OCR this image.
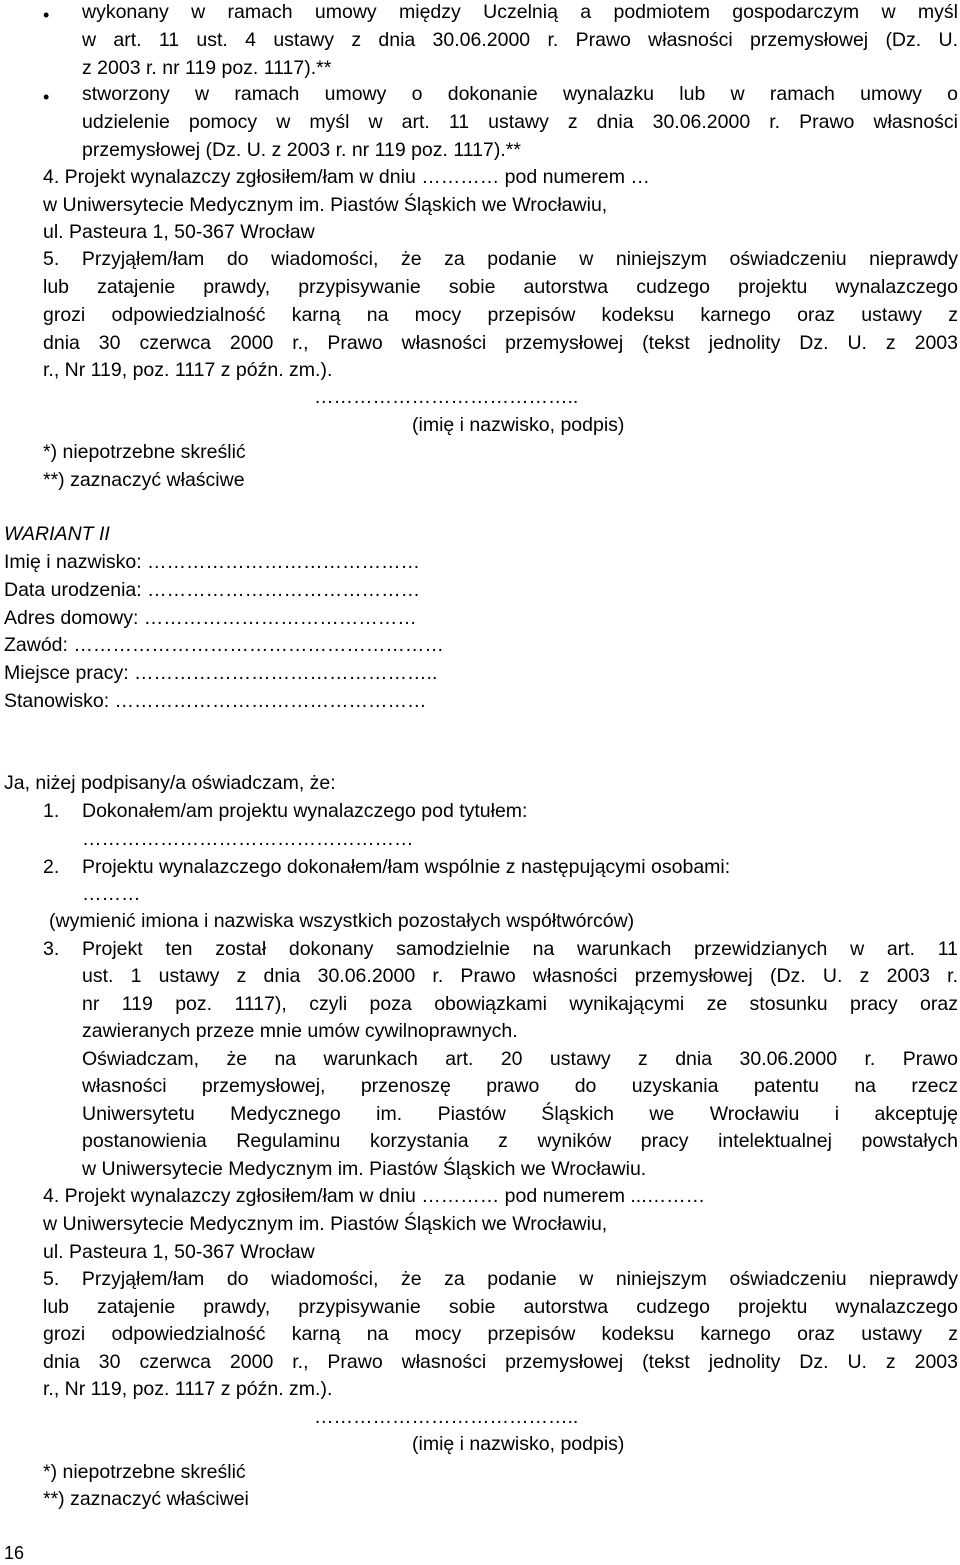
• wykonany w ramach umowy między Uczelnią a podmiotem gospodarczym w myśl
w art. 11 ust. 4 ustawy z dnia 30.06.2000 r. Prawo własności przemysłowej (Dz. U.
z 2003 r. nr 119 poz. 1117).**
• stworzony w ramach umowy o dokonanie wynalazku lub w ramach umowy o
udzielenie pomocy w myśl w art. 11 ustawy z dnia 30.06.2000 r. Prawo własności
przemysłowej (Dz. U. z 2003 r. nr 119 poz. 1117).**
4. Projekt wynalazczy zgłosiłem/łam w dniu ………… pod numerem …
w Uniwersytecie Medycznym im. Piastów Śląskich we Wrocławiu,
ul. Pasteura 1, 50-367 Wrocław
5. Przyjąłem/łam do wiadomości, że za podanie w niniejszym oświadczeniu nieprawdy
lub zatajenie prawdy, przypisywanie sobie autorstwa cudzego projektu wynalazczego
grozi odpowiedzialność karną na mocy przepisów kodeksu karnego oraz ustawy z
dnia 30 czerwca 2000 r., Prawo własności przemysłowej (tekst jednolity Dz. U. z 2003
r., Nr 119, poz. 1117 z późn. zm.).
…………………………………..
(imię i nazwisko, podpis)
*) niepotrzebne skreślić
**) zaznaczyć właściwe
WARIANT II
Imię i nazwisko: ……………………………………
Data urodzenia: ……………………………………
Adres domowy: ……………………………………
Zawód: …………………………………………………
Miejsce pracy: ………………………………………..
Stanowisko: …………………………………………
Ja, niżej podpisany/a oświadczam, że:
1. Dokonałem/am projektu wynalazczego pod tytułem:
……………………………………………
2. Projektu wynalazczego dokonałem/łam wspólnie z następującymi osobami:
………
(wymienić imiona i nazwiska wszystkich pozostałych współtwórców)
3. Projekt ten został dokonany samodzielnie na warunkach przewidzianych w art. 11
ust. 1 ustawy z dnia 30.06.2000 r. Prawo własności przemysłowej (Dz. U. z 2003 r.
nr 119 poz. 1117), czyli poza obowiązkami wynikającymi ze stosunku pracy oraz
zawieranych przeze mnie umów cywilnoprawnych.
Oświadczam, że na warunkach art. 20 ustawy z dnia 30.06.2000 r. Prawo
własności przemysłowej, przenoszę prawo do uzyskania patentu na rzecz
Uniwersytetu Medycznego im. Piastów Śląskich we Wrocławiu i akceptuję
postanowienia Regulaminu korzystania z wyników pracy intelektualnej powstałych
w Uniwersytecie Medycznym im. Piastów Śląskich we Wrocławiu.
4. Projekt wynalazczy zgłosiłem/łam w dniu ………… pod numerem ...………
w Uniwersytecie Medycznym im. Piastów Śląskich we Wrocławiu,
ul. Pasteura 1, 50-367 Wrocław
5. Przyjąłem/łam do wiadomości, że za podanie w niniejszym oświadczeniu nieprawdy
lub zatajenie prawdy, przypisywanie sobie autorstwa cudzego projektu wynalazczego
grozi odpowiedzialność karną na mocy przepisów kodeksu karnego oraz ustawy z
dnia 30 czerwca 2000 r., Prawo własności przemysłowej (tekst jednolity Dz. U. z 2003
r., Nr 119, poz. 1117 z późn. zm.).
…………………………………..
(imię i nazwisko, podpis)
*) niepotrzebne skreślić
**) zaznaczyć właściwei
16
